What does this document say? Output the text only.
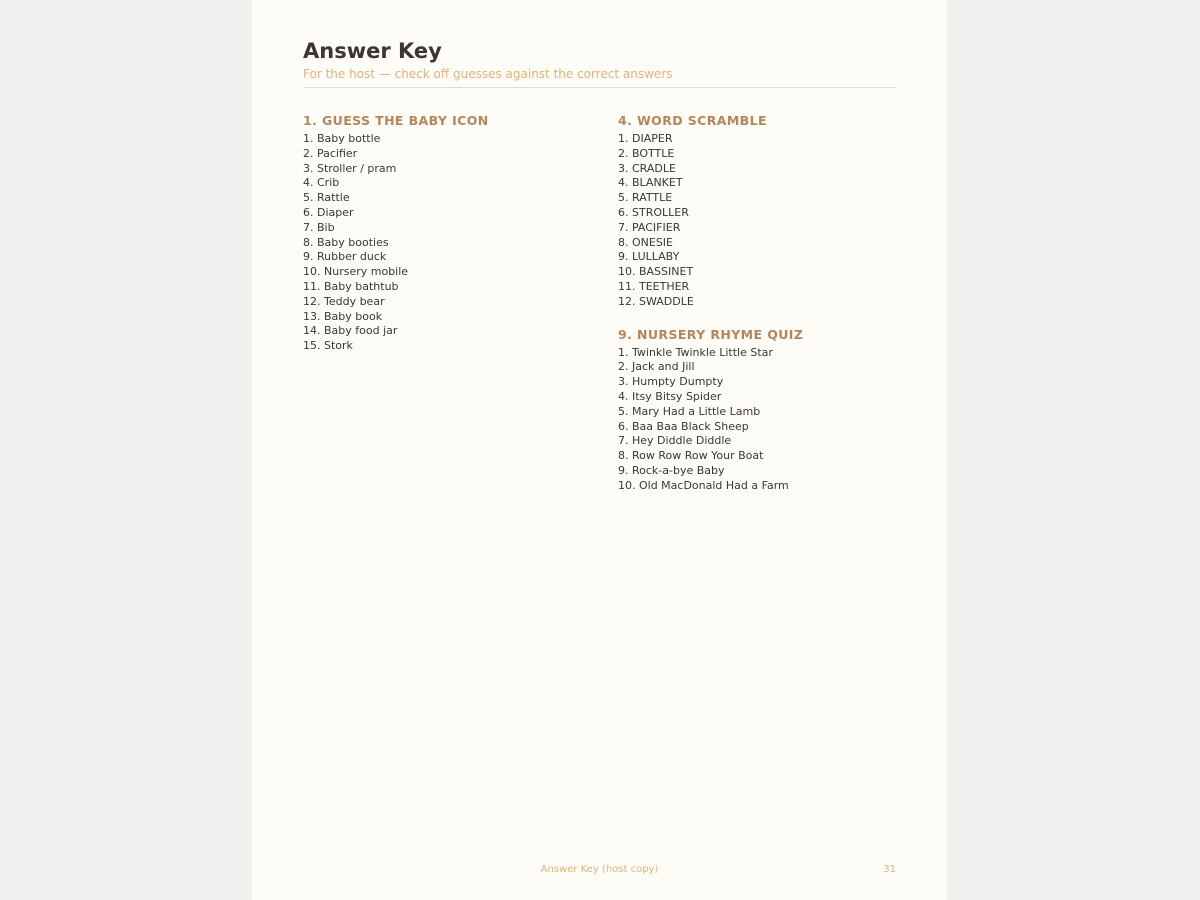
Answer Key
For the host — check off guesses against the correct answers
1. GUESS THE BABY ICON
1. Baby bottle
2. Pacifier
3. Stroller / pram
4. Crib
5. Rattle
6. Diaper
7. Bib
8. Baby booties
9. Rubber duck
10. Nursery mobile
11. Baby bathtub
12. Teddy bear
13. Baby book
14. Baby food jar
15. Stork
4. WORD SCRAMBLE
1. DIAPER
2. BOTTLE
3. CRADLE
4. BLANKET
5. RATTLE
6. STROLLER
7. PACIFIER
8. ONESIE
9. LULLABY
10. BASSINET
11. TEETHER
12. SWADDLE
9. NURSERY RHYME QUIZ
1. Twinkle Twinkle Little Star
2. Jack and Jill
3. Humpty Dumpty
4. Itsy Bitsy Spider
5. Mary Had a Little Lamb
6. Baa Baa Black Sheep
7. Hey Diddle Diddle
8. Row Row Row Your Boat
9. Rock-a-bye Baby
10. Old MacDonald Had a Farm
Answer Key (host copy)	31
